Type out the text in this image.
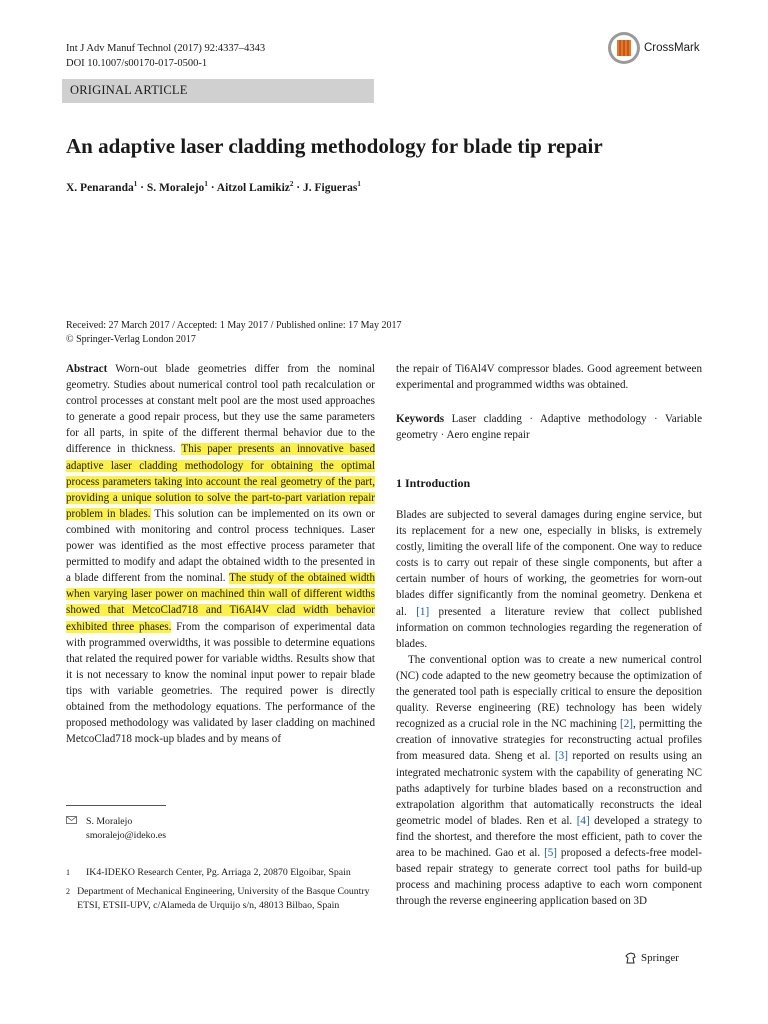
Int J Adv Manuf Technol (2017) 92:4337–4343
DOI 10.1007/s00170-017-0500-1
CrossMark
ORIGINAL ARTICLE
An adaptive laser cladding methodology for blade tip repair
X. Penaranda$^1$ · S. Moralejo$^1$ · Aitzol Lamikiz$^2$ · J. Figueras$^1$
Received: 27 March 2017 / Accepted: 1 May 2017 / Published online: 17 May 2017
© Springer-Verlag London 2017
Abstract Worn-out blade geometries differ from the nominal geometry. Studies about numerical control tool path recalculation or control processes at constant melt pool are the most used approaches to generate a good repair process, but they use the same parameters for all parts, in spite of the different thermal behavior due to the difference in thickness. This paper presents an innovative based adaptive laser cladding methodology for obtaining the optimal process parameters taking into account the real geometry of the part, providing a unique solution to solve the part-to-part variation repair problem in blades. This solution can be implemented on its own or combined with monitoring and control process techniques. Laser power was identified as the most effective process parameter that permitted to modify and adapt the obtained width to the presented in a blade different from the nominal. The study of the obtained width when varying laser power on machined thin wall of different widths showed that MetcoClad718 and Ti6Al4V clad width behavior exhibited three phases. From the comparison of experimental data with programmed overwidths, it was possible to determine equations that related the required power for variable widths. Results show that it is not necessary to know the nominal input power to repair blade tips with variable geometries. The required power is directly obtained from the methodology equations. The performance of the proposed methodology was validated by laser cladding on machined MetcoClad718 mock-up blades and by means of
the repair of Ti6Al4V compressor blades. Good agreement between experimental and programmed widths was obtained.
Keywords Laser cladding · Adaptive methodology · Variable geometry · Aero engine repair
1 Introduction

Blades are subjected to several damages during engine service, but its replacement for a new one, especially in blisks, is extremely costly, limiting the overall life of the component. One way to reduce costs is to carry out repair of these single components, but after a certain number of hours of working, the geometries for worn-out blades differ significantly from the nominal geometry. Denkena et al. [1] presented a literature review that collect published information on common technologies regarding the regeneration of blades.

The conventional option was to create a new numerical control (NC) code adapted to the new geometry because the optimization of the generated tool path is especially critical to ensure the deposition quality. Reverse engineering (RE) technology has been widely recognized as a crucial role in the NC machining [2], permitting the creation of innovative strategies for reconstructing actual profiles from measured data. Sheng et al. [3] reported on results using an integrated mechatronic system with the capability of generating NC paths adaptively for turbine blades based on a reconstruction and extrapolation algorithm that automatically reconstructs the ideal geometric model of blades. Ren et al. [4] developed a strategy to find the shortest, and therefore the most efficient, path to cover the area to be machined. Gao et al. [5] proposed a defects-free model-based repair strategy to generate correct tool paths for build-up process and machining process adaptive to each worn component through the reverse engineering application based on 3D

S. Moralejo
smoralejo@ideko.es
1	IK4-IDEKO Research Center, Pg. Arriaga 2, 20870 Elgoibar, Spain
2 Department of Mechanical Engineering, University of the Basque Country ETSI, ETSII-UPV, c/Alameda de Urquijo s/n, 48013 Bilbao, Spain
Springer
